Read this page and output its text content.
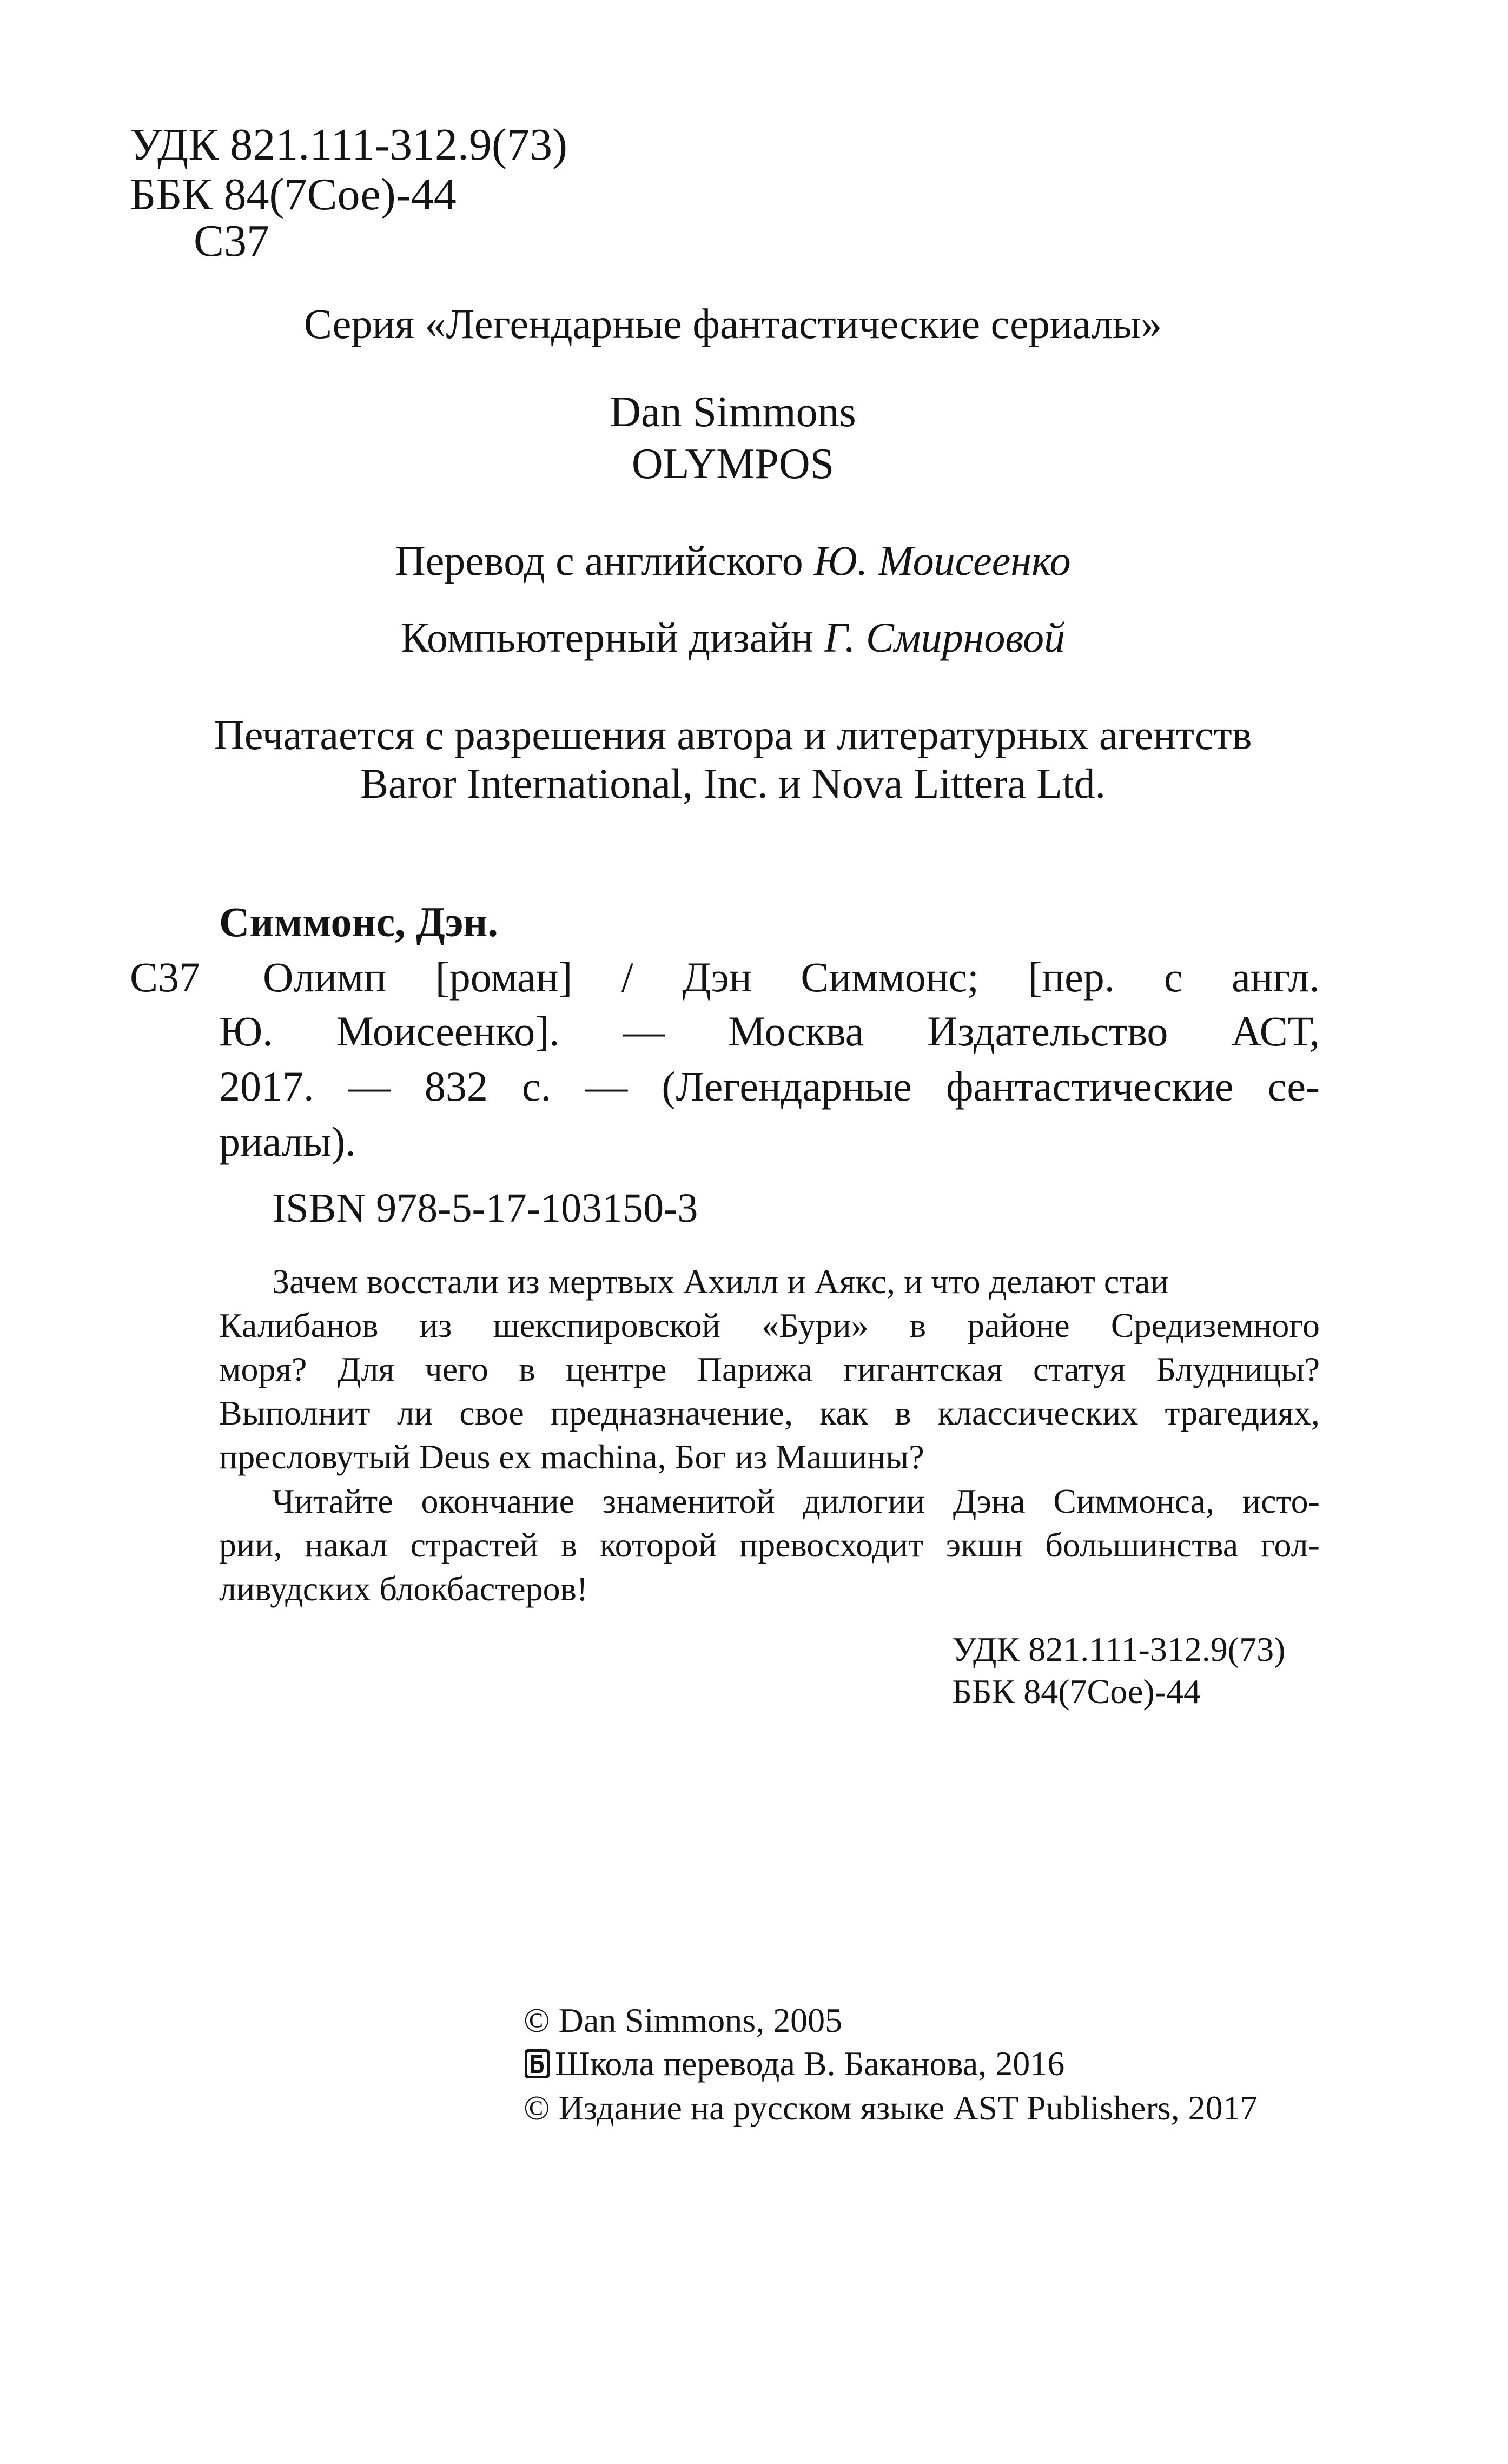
УДК 821.111-312.9(73)
ББК 84(7Сое)-44
С37
Серия «Легендарные фантастические сериалы»
Dan Simmons
OLYMPOS
Перевод с английского Ю. Моисеенко
Компьютерный дизайн Г. Смирновой
Печатается с разрешения автора и литературных агентств
Baror International, Inc. и Nova Littera Ltd.
Симмонс, Дэн.
С37 Олимп [роман] / Дэн Симмонс; [пер. с англ.
Ю. Моисеенко]. — Москва Издательство АСТ,
2017. — 832 с. — (Легендарные фантастические се-
риалы).
ISBN 978-5-17-103150-3
Зачем восстали из мертвых Ахилл и Аякс, и что делают стаи
Калибанов из шекспировской «Бури» в районе Средиземного
моря? Для чего в центре Парижа гигантская статуя Блудницы?
Выполнит ли свое предназначение, как в классических трагедиях,
пресловутый Deus ex machina, Бог из Машины?
Читайте окончание знаменитой дилогии Дэна Симмонса, исто-
рии, накал страстей в которой превосходит экшн большинства гол-
ливудских блокбастеров!
УДК 821.111-312.9(73)
ББК 84(7Сое)-44
© Dan Simmons, 2005
Школа перевода В. Баканова, 2016
© Издание на русском языке AST Publishers, 2017
